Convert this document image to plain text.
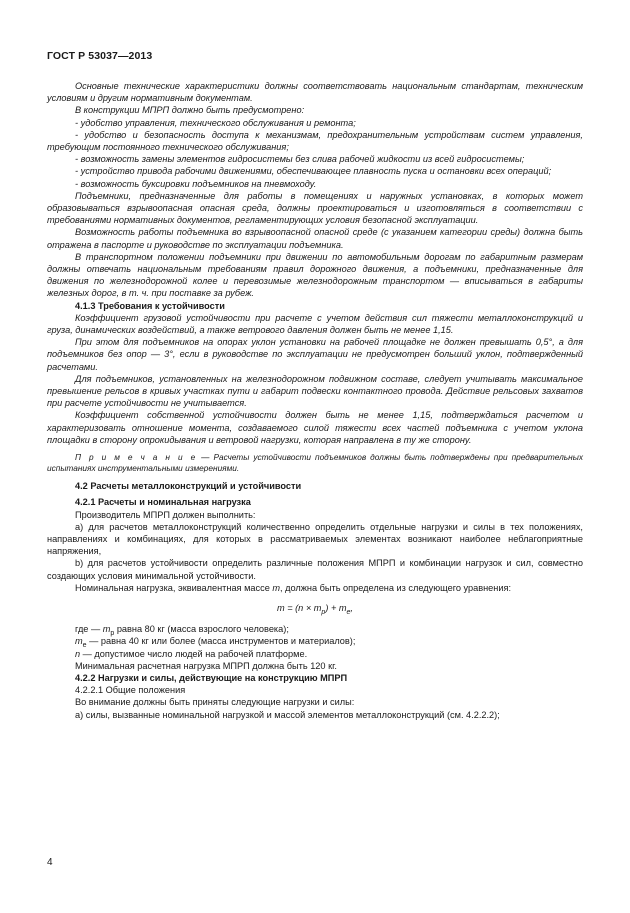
ГОСТ Р 53037—2013

Основные технические характеристики должны соответствовать национальным стандартам, техническим условиям и другим нормативным документам.

В конструкции МПРП должно быть предусмотрено:

- удобство управления, технического обслуживания и ремонта;

- удобство и безопасность доступа к механизмам, предохранительным устройствам систем управления, требующим постоянного технического обслуживания;

- возможность замены элементов гидросистемы без слива рабочей жидкости из всей гидросистемы;

- устройство привода рабочими движениями, обеспечивающее плавность пуска и остановки всех операций;

- возможность буксировки подъемников на пневмоходу.

Подъемники, предназначенные для работы в помещениях и наружных установках, в которых может образовываться взрывоопасная опасная среда, должны проектироваться и изготовляться в соответствии с требованиями нормативных документов, регламентирующих условия безопасной эксплуатации.

Возможность работы подъемника во взрывоопасной опасной среде (с указанием категории среды) должна быть отражена в паспорте и руководстве по эксплуатации подъемника.

В транспортном положении подъемники при движении по автомобильным дорогам по габаритным размерам должны отвечать национальным требованиям правил дорожного движения, а подъемники, предназначенные для движения по железнодорожной колее и перевозимые железнодорожным транспортом — вписываться в габариты железных дорог, в т. ч. при поставке за рубеж.

4.1.3 Требования к устойчивости

Коэффициент грузовой устойчивости при расчете с учетом действия сил тяжести металлоконструкций и груза, динамических воздействий, а также ветрового давления должен быть не менее 1,15.

При этом для подъемников на опорах уклон установки на рабочей площадке не должен превышать 0,5°, а для подъемников без опор — 3°, если в руководстве по эксплуатации не предусмотрен больший уклон, подтвержденный расчетами.

Для подъемников, установленных на железнодорожном подвижном составе, следует учитывать максимальное превышение рельсов в кривых участках пути и габарит подвески контактного провода. Действие рельсовых захватов при расчете устойчивости не учитывается.

Коэффициент собственной устойчивости должен быть не менее 1,15, подтверждаться расчетом и характеризовать отношение момента, создаваемого силой тяжести всех частей подъемника с учетом уклона площадки в сторону опрокидывания и ветровой нагрузки, которая направлена в ту же сторону.

П р и м е ч а н и е — Расчеты устойчивости подъемников должны быть подтверждены при предварительных испытаниях инструментальными измерениями.

4.2 Расчеты металлоконструкций и устойчивости

4.2.1 Расчеты и номинальная нагрузка

Производитель МПРП должен выполнить:

а) для расчетов металлоконструкций количественно определить отдельные нагрузки и силы в тех положениях, направлениях и комбинациях, для которых в рассматриваемых элементах возникают наиболее неблагоприятные напряжения,

b) для расчетов устойчивости определить различные положения МПРП и комбинации нагрузок и сил, совместно создающих условия минимальной устойчивости.

Номинальная нагрузка, эквивалентная массе m, должна быть определена из следующего уравнения:

$m = (n \times m_p) + m_e$,

где — $m_p$ равна 80 кг (масса взрослого человека);

$m_e$ — равна 40 кг или более (масса инструментов и материалов);

n — допустимое число людей на рабочей платформе.

Минимальная расчетная нагрузка МПРП должна быть 120 кг.

4.2.2 Нагрузки и силы, действующие на конструкцию МПРП

4.2.2.1 Общие положения

Во внимание должны быть приняты следующие нагрузки и силы:

а) силы, вызванные номинальной нагрузкой и массой элементов металлоконструкций (см. 4.2.2.2);

4
